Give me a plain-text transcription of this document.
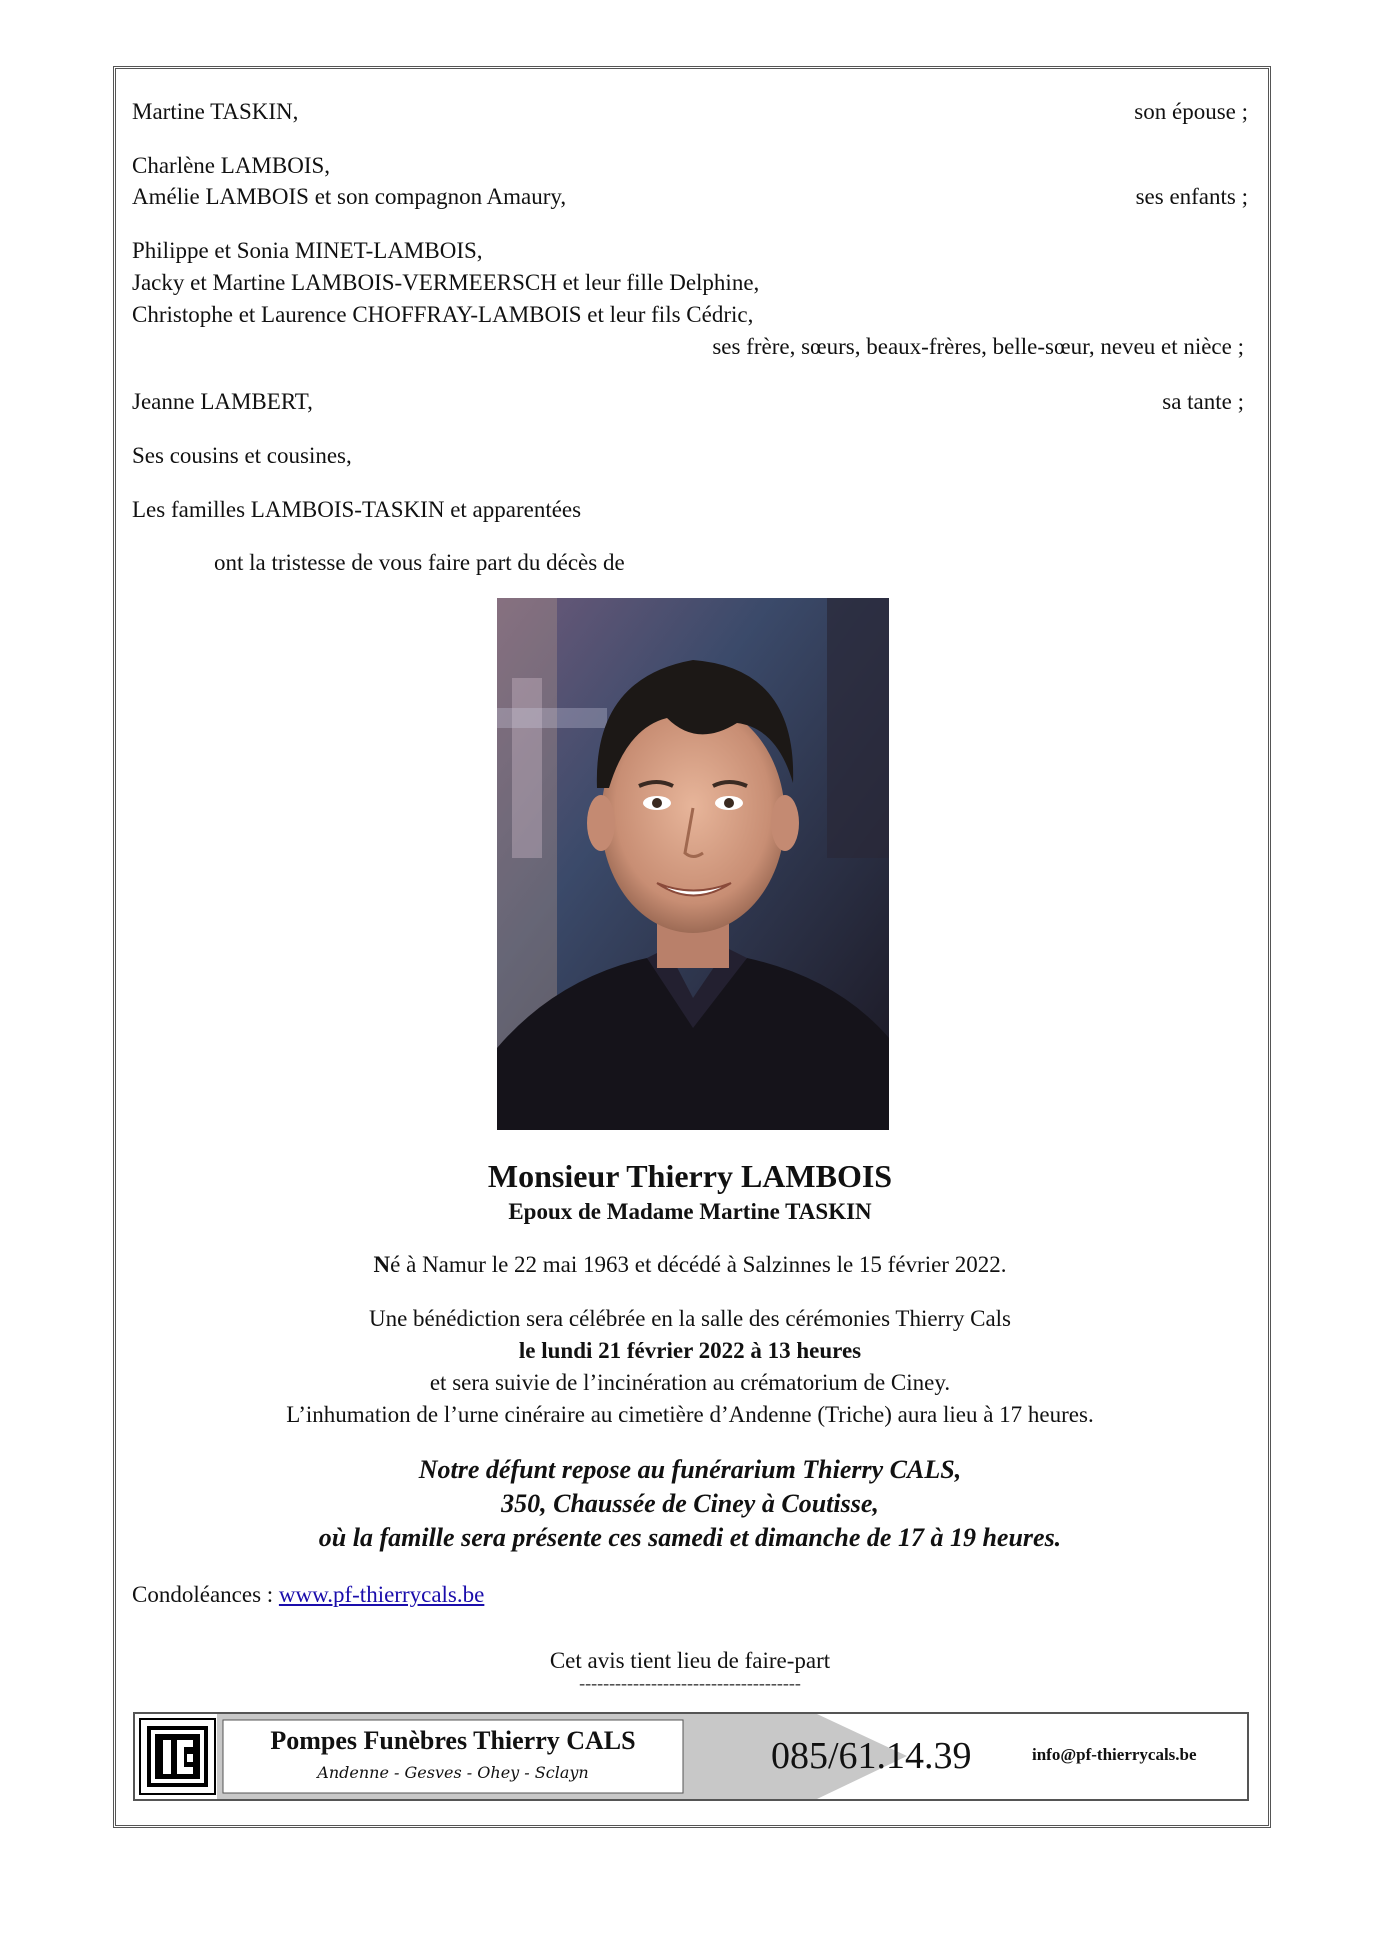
Martine TASKIN,	son épouse ;
Charlène LAMBOIS,
Amélie LAMBOIS et son compagnon Amaury,	ses enfants ;
Philippe et Sonia MINET-LAMBOIS,
Jacky et Martine LAMBOIS-VERMEERSCH et leur fille Delphine,
Christophe et Laurence CHOFFRAY-LAMBOIS et leur fils Cédric,
ses frère, sœurs, beaux-frères, belle-sœur, neveu et nièce ;
Jeanne LAMBERT,	sa tante ;
Ses cousins et cousines,
Les familles LAMBOIS-TASKIN et apparentées
ont la tristesse de vous faire part du décès de
Monsieur Thierry LAMBOIS
Epoux de Madame Martine TASKIN
Né à Namur le 22 mai 1963 et décédé à Salzinnes le 15 février 2022.
Une bénédiction sera célébrée en la salle des cérémonies Thierry Cals
le lundi 21 février 2022 à 13 heures
et sera suivie de l’incinération au crématorium de Ciney.
L’inhumation de l’urne cinéraire au cimetière d’Andenne (Triche) aura lieu à 17 heures.
Notre défunt repose au funérarium Thierry CALS,
350, Chaussée de Ciney à Coutisse,
où la famille sera présente ces samedi et dimanche de 17 à 19 heures.
Condoléances : www.pf-thierrycals.be
Cet avis tient lieu de faire-part
-------------------------------------
Pompes Funèbres Thierry CALS
Andenne - Gesves - Ohey - Sclayn	085/61.14.39	info@pf-thierrycals.be
